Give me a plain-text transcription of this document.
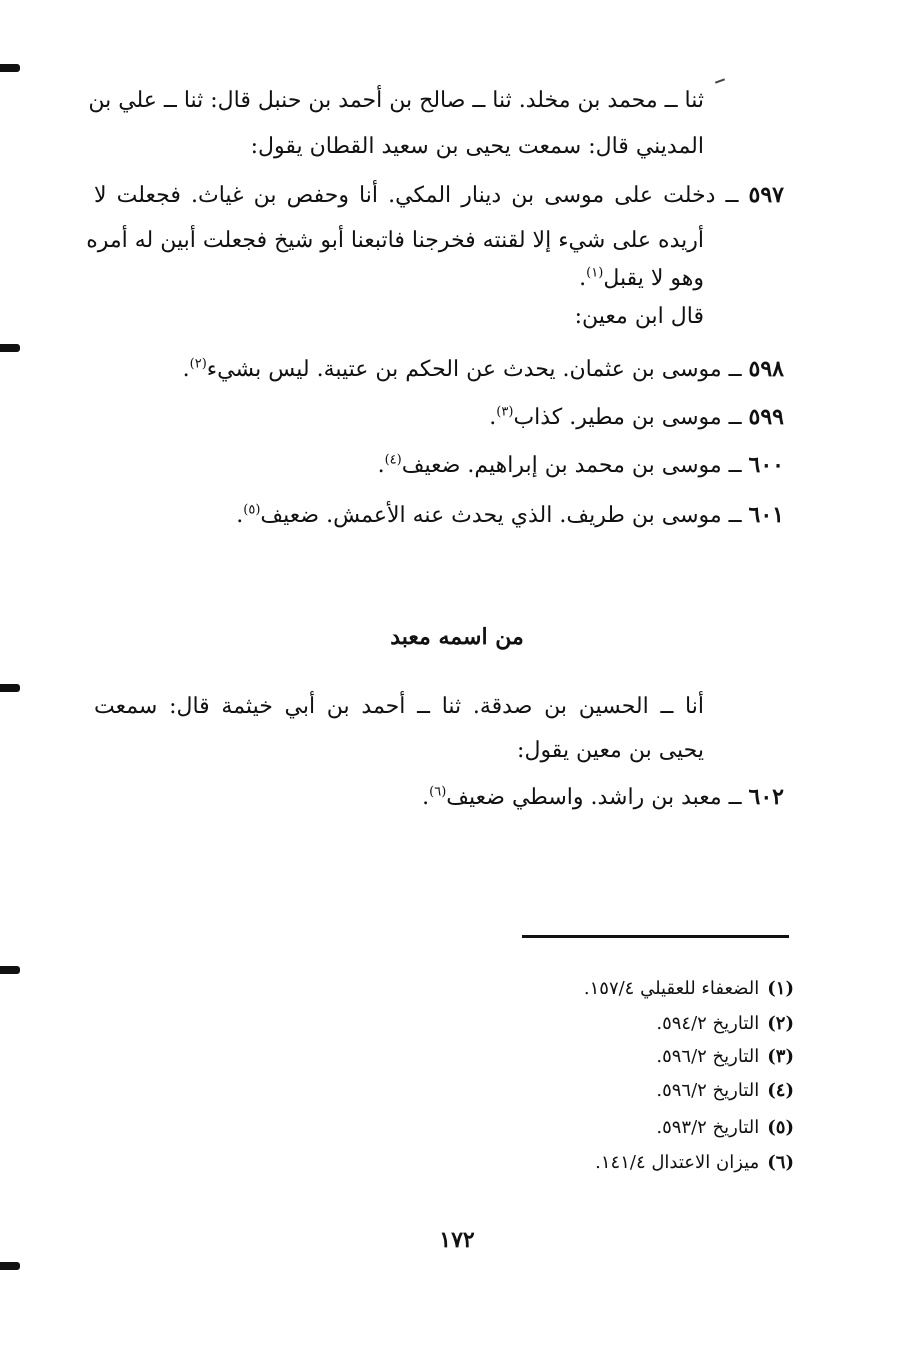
ثنا ــ محمد بن مخلد. ثنا ــ صالح بن أحمد بن حنبل قال: ثنا ــ علي بن
المديني قال: سمعت يحيى بن سعيد القطان يقول:
٥٩٧ ــ دخلت على موسى بن دينار المكي. أنا وحفص بن غياث. فجعلت لا
أريده على شيء إلا لقنته فخرجنا فاتبعنا أبو شيخ فجعلت أبين له أمره
وهو لا يقبل$^{(١)}$.
قال ابن معين:
٥٩٨ ــ موسى بن عثمان. يحدث عن الحكم بن عتيبة. ليس بشيء$^{(٢)}$.
٥٩٩ ــ موسى بن مطير. كذاب$^{(٣)}$.
٦٠٠ ــ موسى بن محمد بن إبراهيم. ضعيف$^{(٤)}$.
٦٠١ ــ موسى بن طريف. الذي يحدث عنه الأعمش. ضعيف$^{(٥)}$.
من اسمه معبد
أنا ــ الحسين بن صدقة. ثنا ــ أحمد بن أبي خيثمة قال: سمعت
يحيى بن معين يقول:
٦٠٢ ــ معبد بن راشد. واسطي ضعيف$^{(٦)}$.
(١)الضعفاء للعقيلي ١٥٧/٤.
(٢)التاريخ ٥٩٤/٢.
(٣)التاريخ ٥٩٦/٢.
(٤)التاريخ ٥٩٦/٢.
(٥)التاريخ ٥٩٣/٢.
(٦)ميزان الاعتدال ١٤١/٤.
١٧٢
